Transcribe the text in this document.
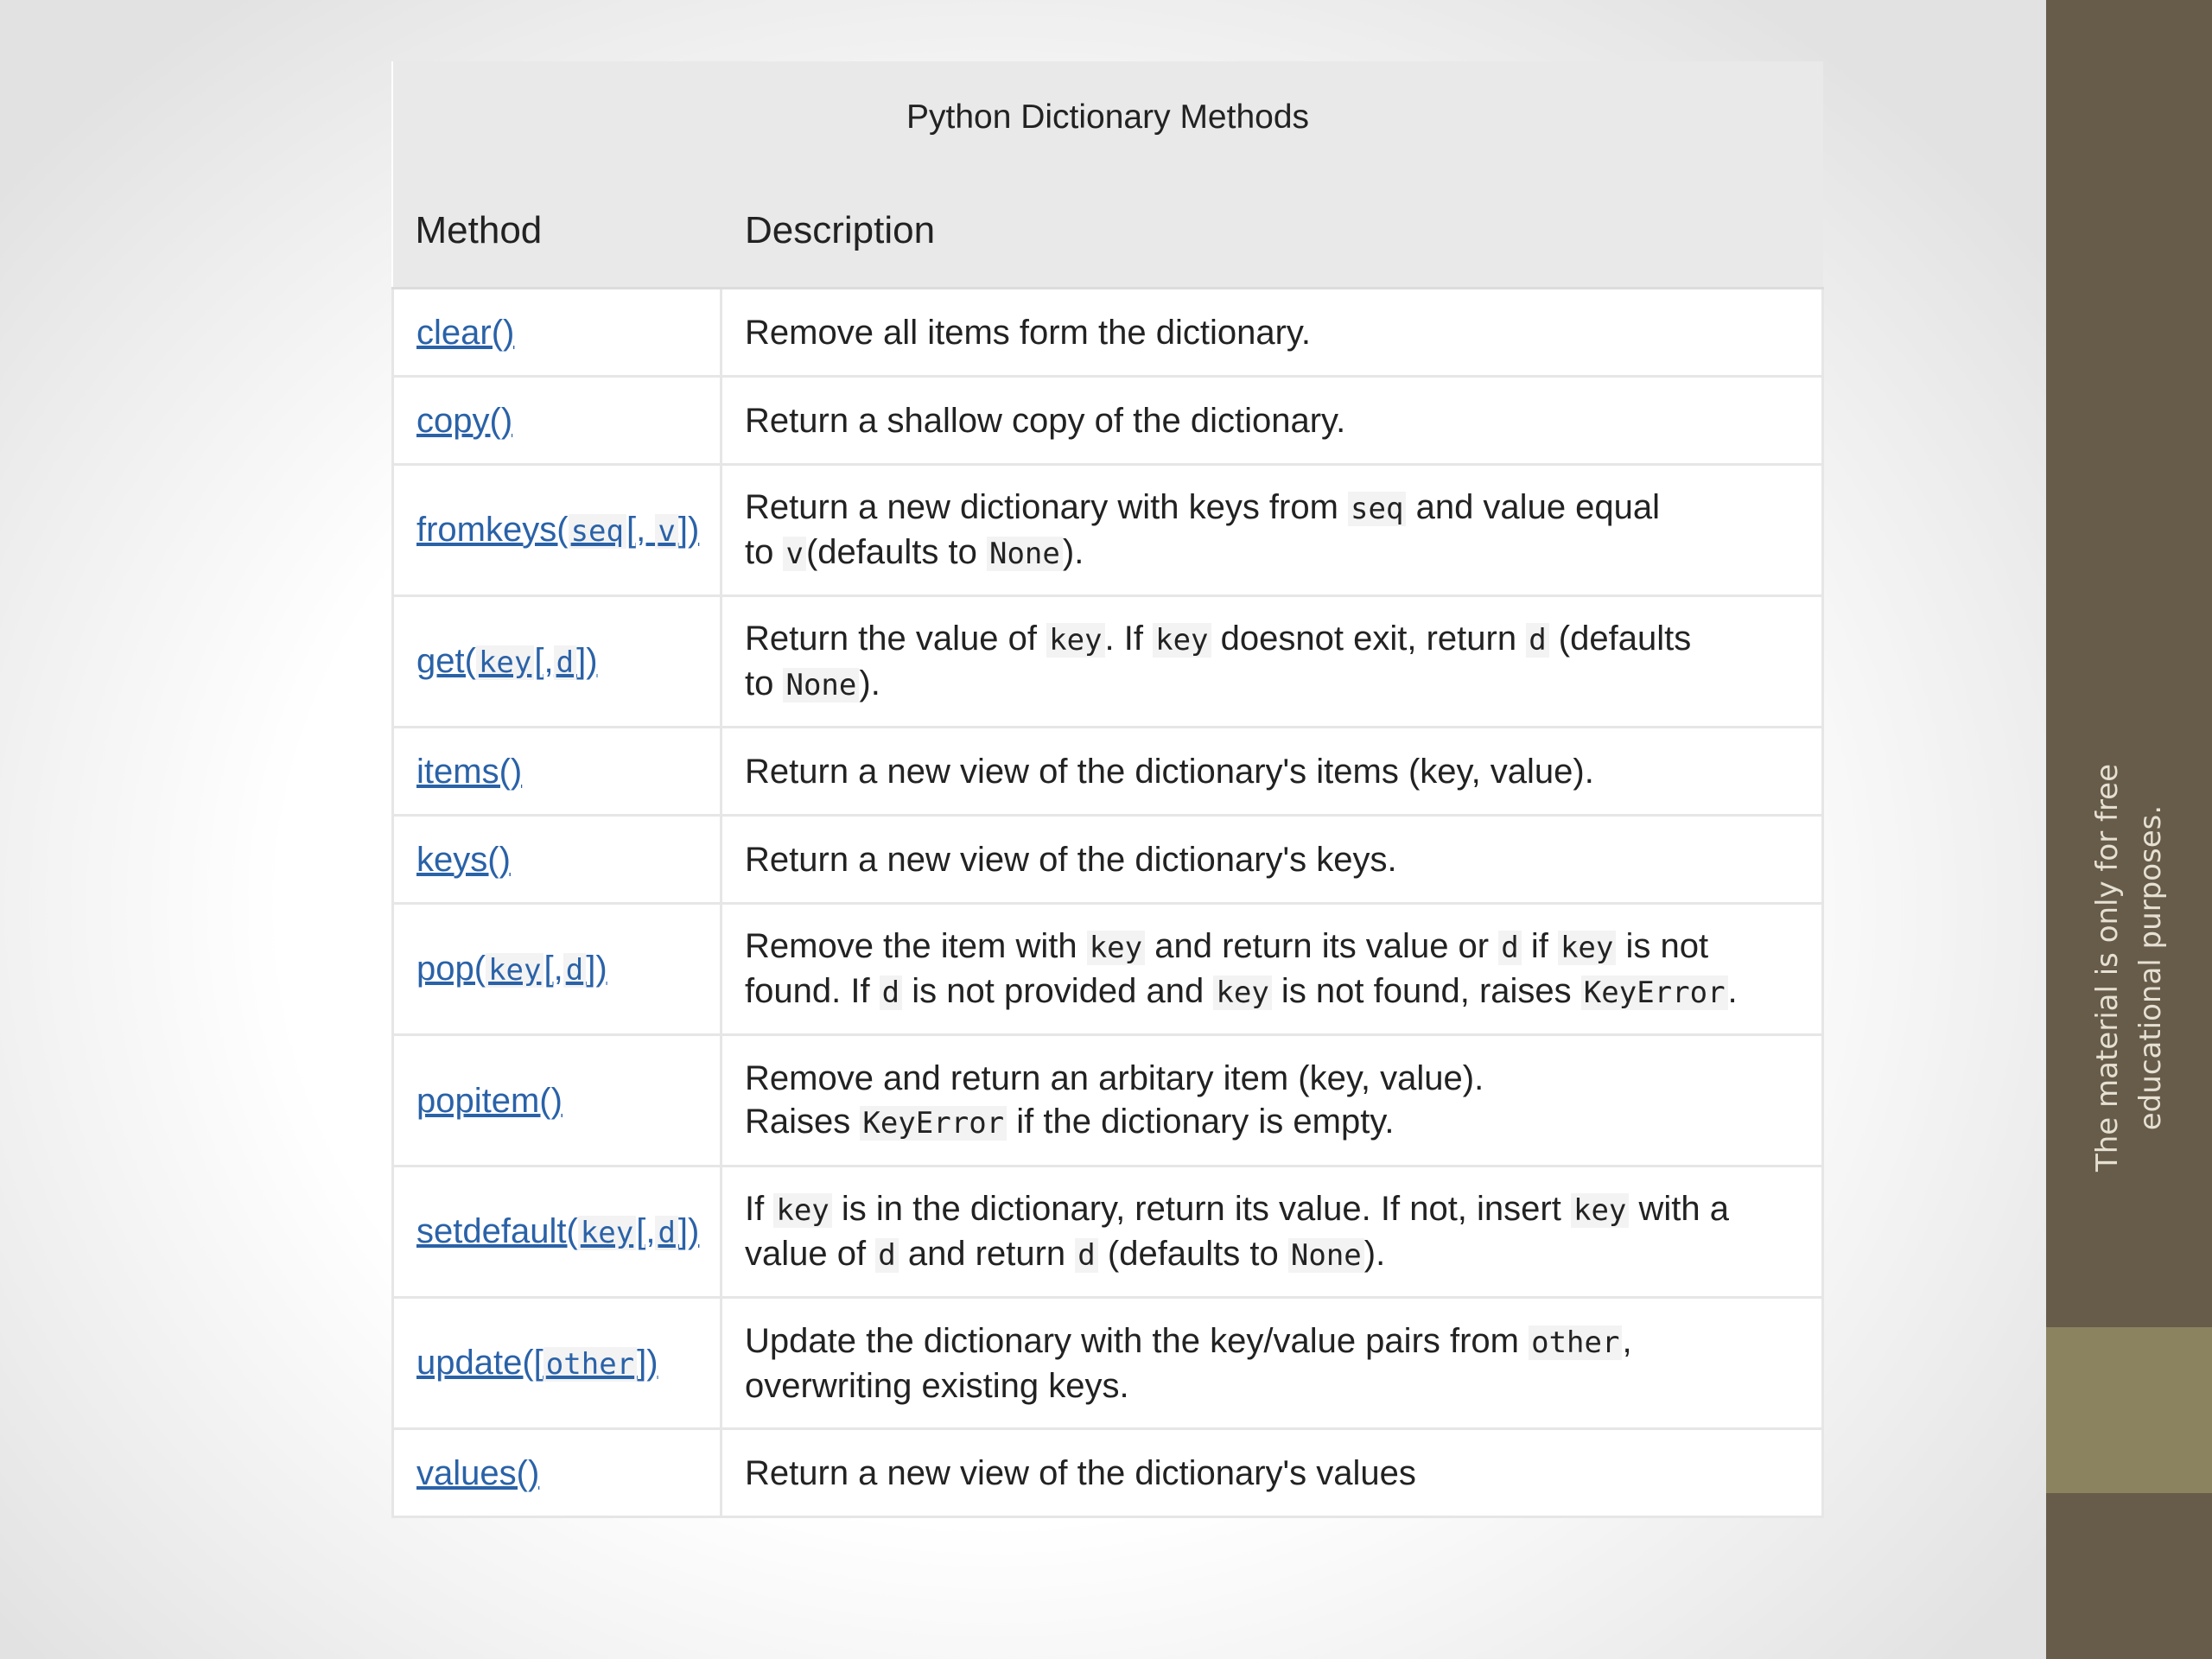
Python Dictionary Methods	
Method	Description
clear()	Remove all items form the dictionary.

copy()	Return a shallow copy of the dictionary.

fromkeys(seq[, v])	Return a new dictionary with keys from seq and value equal
to v(defaults to None).

get(key[,d])	Return the value of key. If key doesnot exit, return d (defaults
to None).

items()	Return a new view of the dictionary's items (key, value).

keys()	Return a new view of the dictionary's keys.

pop(key[,d])	Remove the item with key and return its value or d if key is not
found. If d is not provided and key is not found, raises KeyError.

popitem()	Remove and return an arbitary item (key, value).
Raises KeyError if the dictionary is empty.

setdefault(key[,d])	If key is in the dictionary, return its value. If not, insert key with a
value of d and return d (defaults to None).

update([other])	Update the dictionary with the key/value pairs from other,
overwriting existing keys.

values()	Return a new view of the dictionary's values
The material is only for free educational purposes.
